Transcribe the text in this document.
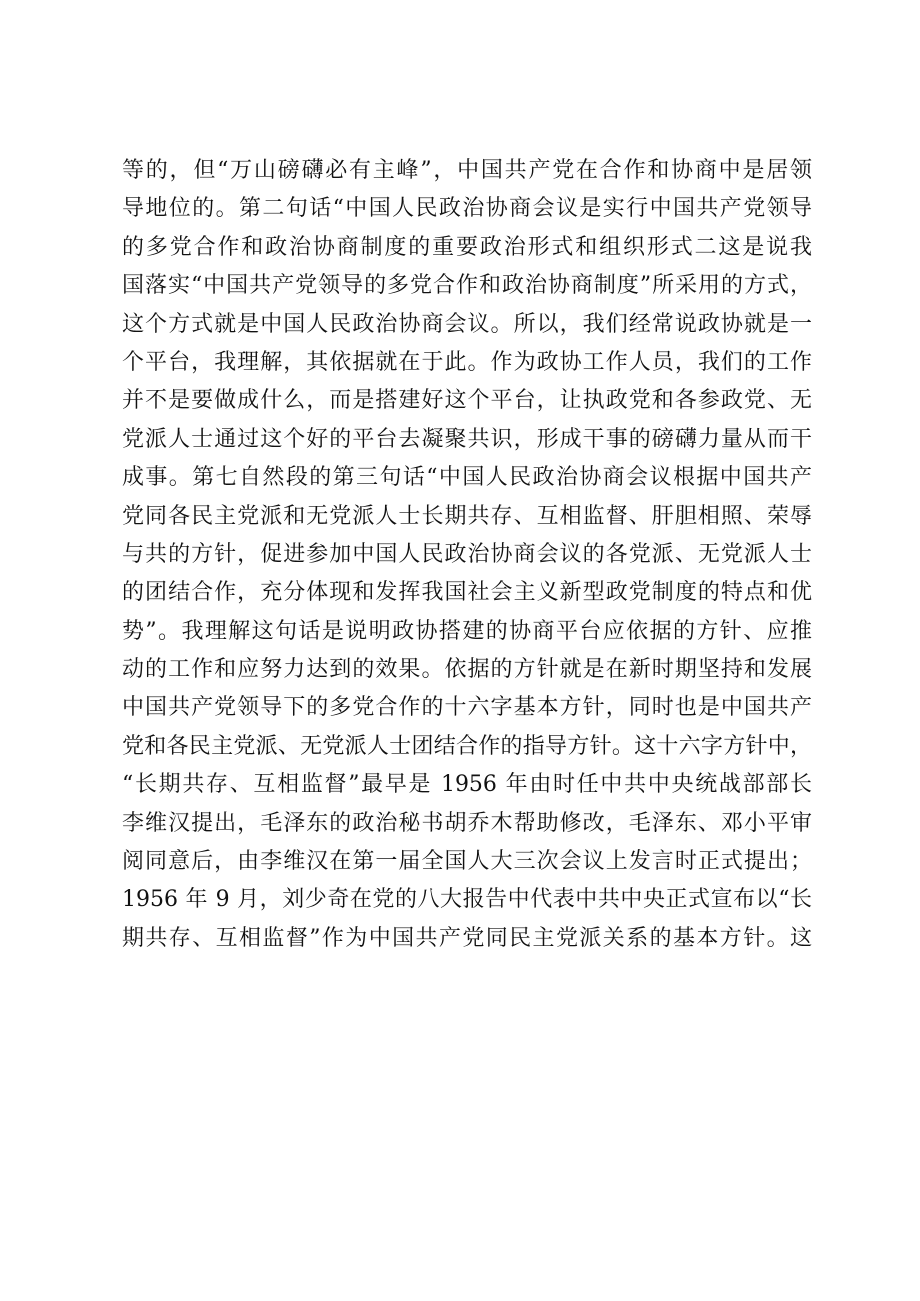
等的，但“万山磅礴必有主峰”，中国共产党在合作和协商中是居领
导地位的。第二句话“中国人民政治协商会议是实行中国共产党领导
的多党合作和政治协商制度的重要政治形式和组织形式二这是说我
国落实“中国共产党领导的多党合作和政治协商制度”所采用的方式，
这个方式就是中国人民政治协商会议。所以，我们经常说政协就是一
个平台，我理解，其依据就在于此。作为政协工作人员，我们的工作
并不是要做成什么，而是搭建好这个平台，让执政党和各参政党、无
党派人士通过这个好的平台去凝聚共识，形成干事的磅礴力量从而干
成事。第七自然段的第三句话“中国人民政治协商会议根据中国共产
党同各民主党派和无党派人士长期共存、互相监督、肝胆相照、荣辱
与共的方针，促进参加中国人民政治协商会议的各党派、无党派人士
的团结合作，充分体现和发挥我国社会主义新型政党制度的特点和优
势”。我理解这句话是说明政协搭建的协商平台应依据的方针、应推
动的工作和应努力达到的效果。依据的方针就是在新时期坚持和发展
中国共产党领导下的多党合作的十六字基本方针，同时也是中国共产
党和各民主党派、无党派人士团结合作的指导方针。这十六字方针中，
“长期共存、互相监督”最早是 1956 年由时任中共中央统战部部长
李维汉提出，毛泽东的政治秘书胡乔木帮助修改，毛泽东、邓小平审
阅同意后，由李维汉在第一届全国人大三次会议上发言时正式提出；
1956 年 9 月，刘少奇在党的八大报告中代表中共中央正式宣布以“长
期共存、互相监督”作为中国共产党同民主党派关系的基本方针。这
